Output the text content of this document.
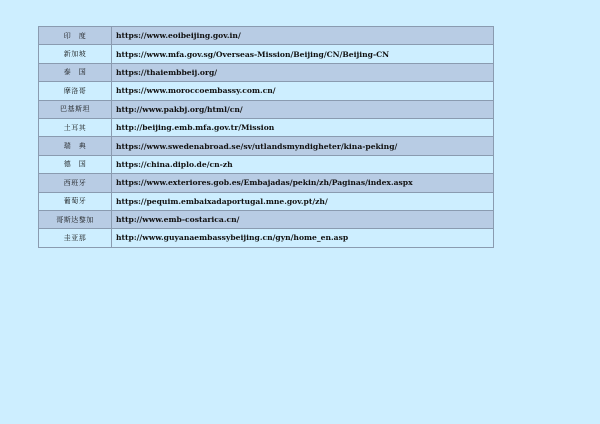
印　度	https://www.eoibeijing.gov.in/
新加坡	https://www.mfa.gov.sg/Overseas-Mission/Beijing/CN/Beijing-CN
泰　国	https://thaiembbeij.org/
摩洛哥	https://www.moroccoembassy.com.cn/
巴基斯坦	http://www.pakbj.org/html/cn/
土耳其	http://beijing.emb.mfa.gov.tr/Mission
瑞　典	https://www.swedenabroad.se/sv/utlandsmyndigheter/kina-peking/
德　国	https://china.diplo.de/cn-zh
西班牙	https://www.exteriores.gob.es/Embajadas/pekin/zh/Paginas/index.aspx
葡萄牙	https://pequim.embaixadaportugal.mne.gov.pt/zh/
哥斯达黎加	http://www.emb-costarica.cn/
圭亚那	http://www.guyanaembassybeijing.cn/gyn/home_en.asp
